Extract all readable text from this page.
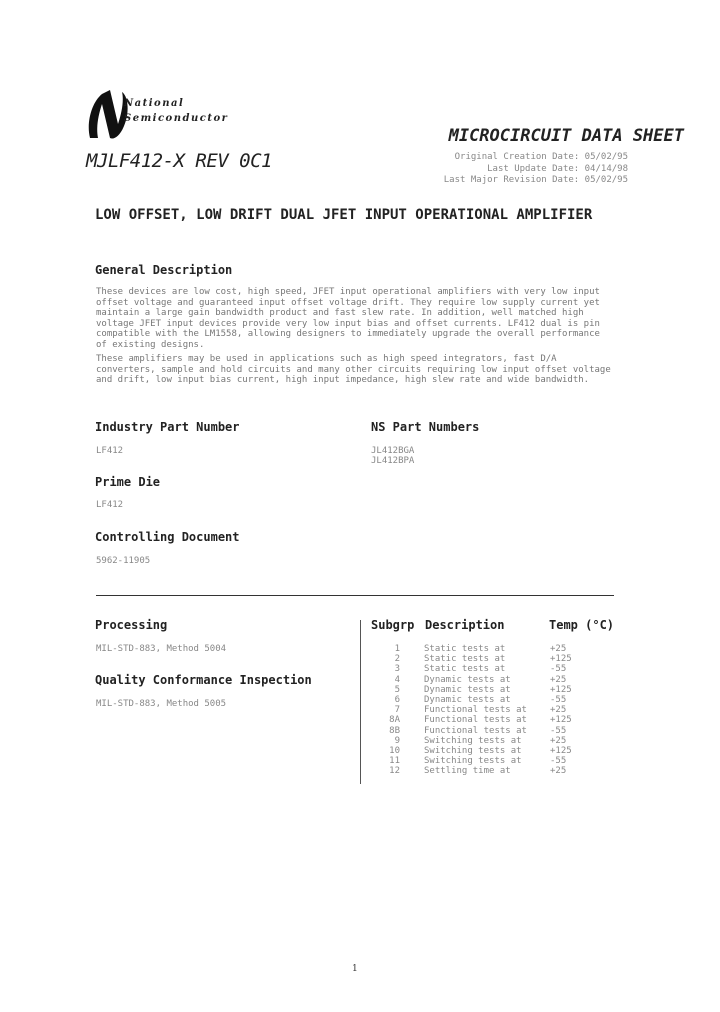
National
Semiconductor
MJLF412-X REV 0C1
MICROCIRCUIT DATA SHEET
Original Creation Date: 05/02/95
Last Update Date: 04/14/98
Last Major Revision Date: 05/02/95
LOW OFFSET, LOW DRIFT DUAL JFET INPUT OPERATIONAL AMPLIFIER
General Description

These devices are low cost, high speed, JFET input operational amplifiers with very low input offset voltage and guaranteed input offset voltage drift. They require low supply current yet maintain a large gain bandwidth product and fast slew rate. In addition, well matched high voltage JFET input devices provide very low input bias and offset currents. LF412 dual is pin compatible with the LM1558, allowing designers to immediately upgrade the overall performance of existing designs.

These amplifiers may be used in applications such as high speed integrators, fast D/A converters, sample and hold circuits and many other circuits requiring low input offset voltage and drift, low input bias current, high input impedance, high slew rate and wide bandwidth.

Industry Part Number
LF412
NS Part Numbers
JL412BGA
JL412BPA
Prime Die
LF412
Controlling Document
5962-11905
Processing
MIL-STD-883, Method 5004
Quality Conformance Inspection
MIL-STD-883, Method 5005
Subgrp Description	Temp (°C)
1	Static tests at	+25
2	Static tests at	+125
3	Static tests at	-55
4	Dynamic tests at	+25
5	Dynamic tests at	+125
6	Dynamic tests at	-55
7	Functional tests at	+25
8A	Functional tests at	+125
8B	Functional tests at	-55
9	Switching tests at	+25
10	Switching tests at	+125
11	Switching tests at	-55
12	Settling time at	+25
1
